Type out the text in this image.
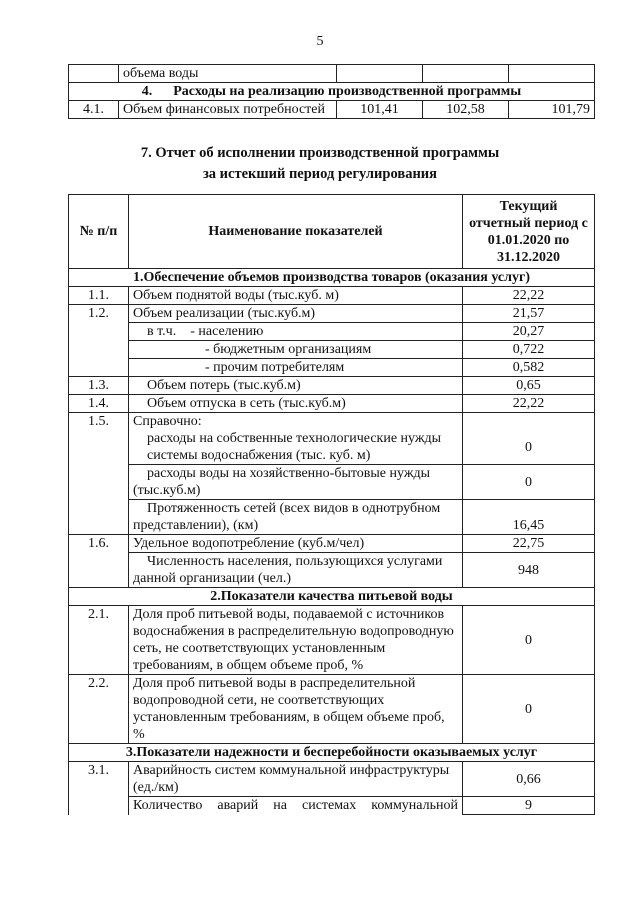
5
	объема воды			
4.      Расходы на реализацию производственной программы				
4.1.	Объем финансовых потребностей	101,41	102,58	101,79
7. Отчет об исполнении производственной программы
за истекший период регулирования
№ п/п	Наименование показателей	Текущий отчетный период с 01.01.2020 по 31.12.2020
1.Обеспечение объемов производства товаров (оказания услуг)		
1.1.	Объем поднятой воды (тыс.куб. м)	22,22
1.2.	Объем реализации (тыс.куб.м)	21,57
	в т.ч.    - населению	20,27
	- бюджетным организациям	0,722
	- прочим потребителям	0,582
1.3.	Объем потерь (тыс.куб.м)	0,65
1.4.	Объем отпуска в сеть (тыс.куб.м)	22,22
1.5.	Справочно:	

	расходы на собственные технологические нужды системы водоснабжения (тыс. куб. м)	0

	расходы воды на хозяйственно-бытовые нужды (тыс.куб.м)	0

	Протяженность сетей (всех видов в однотрубном представлении), (км)	16,45
1.6.	Удельное водопотребление (куб.м/чел)	22,75

	Численность населения, пользующихся услугами данной организации (чел.)	948
2.Показатели качества питьевой воды		
2.1.	Доля проб питьевой воды, подаваемой с источников водоснабжения в распределительную водопроводную сеть, не соответствующих установленным требованиям, в общем объеме проб, %	0
2.2.	Доля проб питьевой воды в распределительной водопроводной сети, не соответствующих установленным требованиям, в общем объеме проб, %	0
3.Показатели надежности и бесперебойности оказываемых услуг		
3.1.	Аварийность систем коммунальной инфраструктуры (ед./км)	0,66
	Количество аварий на системах коммунальной	9
